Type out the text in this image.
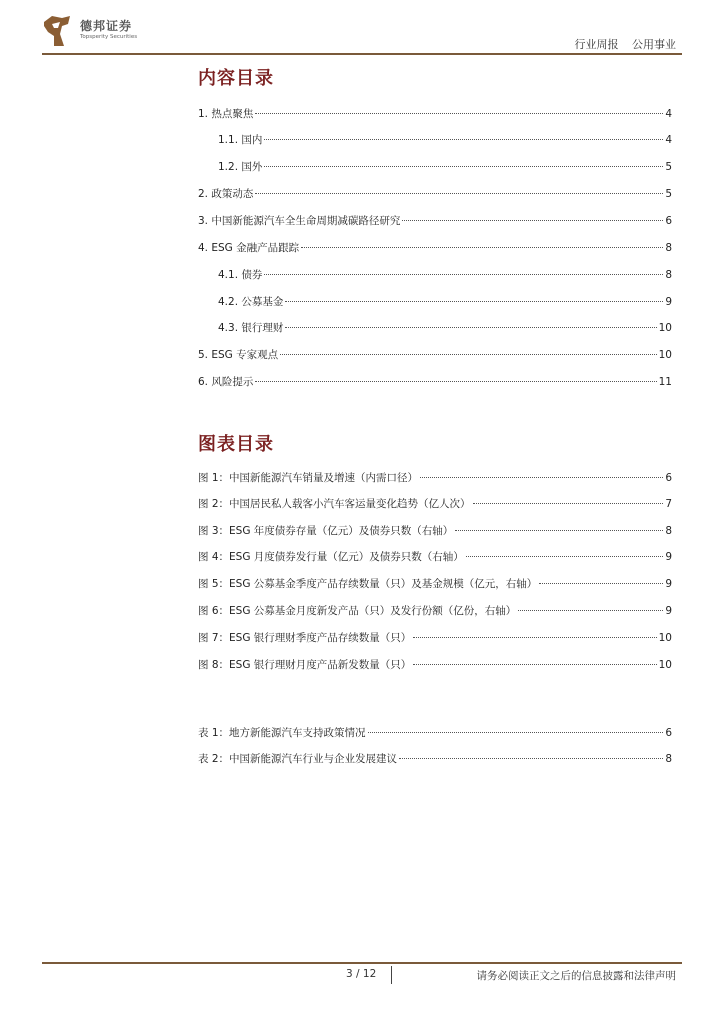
德邦证券
Topsperity Securities
行业周报 公用事业
内容目录
1. 热点聚焦	4
1.1. 国内	4
1.2. 国外	5
2. 政策动态	5
3. 中国新能源汽车全生命周期减碳路径研究	6
4. ESG 金融产品跟踪	8
4.1. 债券	8
4.2. 公募基金	9
4.3. 银行理财	10
5. ESG 专家观点	10
6. 风险提示	11
图表目录
图 1：中国新能源汽车销量及增速（内需口径）	6
图 2：中国居民私人载客小汽车客运量变化趋势（亿人次）	7
图 3：ESG 年度债券存量（亿元）及债券只数（右轴）	8
图 4：ESG 月度债券发行量（亿元）及债券只数（右轴）	9
图 5：ESG 公募基金季度产品存续数量（只）及基金规模（亿元，右轴）	9
图 6：ESG 公募基金月度新发产品（只）及发行份额（亿份，右轴）	9
图 7：ESG 银行理财季度产品存续数量（只）	10
图 8：ESG 银行理财月度产品新发数量（只）	10
表 1：地方新能源汽车支持政策情况	6
表 2：中国新能源汽车行业与企业发展建议	8
3 / 12	请务必阅读正文之后的信息披露和法律声明
